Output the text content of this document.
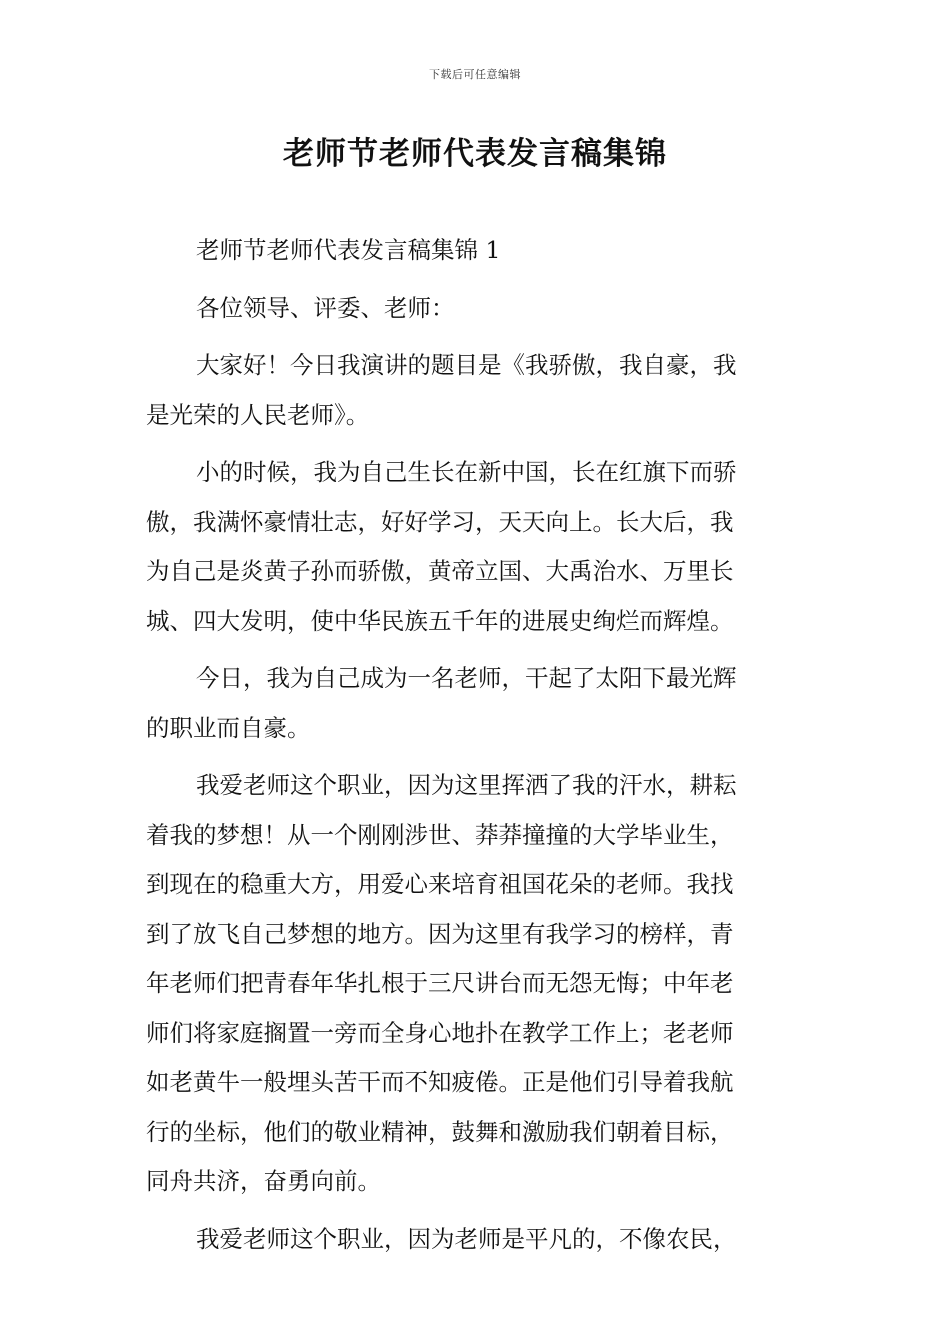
下载后可任意编辑
老师节老师代表发言稿集锦
老师节老师代表发言稿集锦 1
各位领导、评委、老师：
大家好！今日我演讲的题目是《我骄傲，我自豪，我
是光荣的人民老师》。
小的时候，我为自己生长在新中国，长在红旗下而骄
傲，我满怀豪情壮志，好好学习，天天向上。长大后，我
为自己是炎黄子孙而骄傲，黄帝立国、大禹治水、万里长
城、四大发明，使中华民族五千年的进展史绚烂而辉煌。
今日，我为自己成为一名老师，干起了太阳下最光辉
的职业而自豪。
我爱老师这个职业，因为这里挥洒了我的汗水，耕耘
着我的梦想！从一个刚刚涉世、莽莽撞撞的大学毕业生，
到现在的稳重大方，用爱心来培育祖国花朵的老师。我找
到了放飞自己梦想的地方。因为这里有我学习的榜样，青
年老师们把青春年华扎根于三尺讲台而无怨无悔；中年老
师们将家庭搁置一旁而全身心地扑在教学工作上；老老师
如老黄牛一般埋头苦干而不知疲倦。正是他们引导着我航
行的坐标，他们的敬业精神，鼓舞和激励我们朝着目标，
同舟共济，奋勇向前。
我爱老师这个职业，因为老师是平凡的，不像农民，
